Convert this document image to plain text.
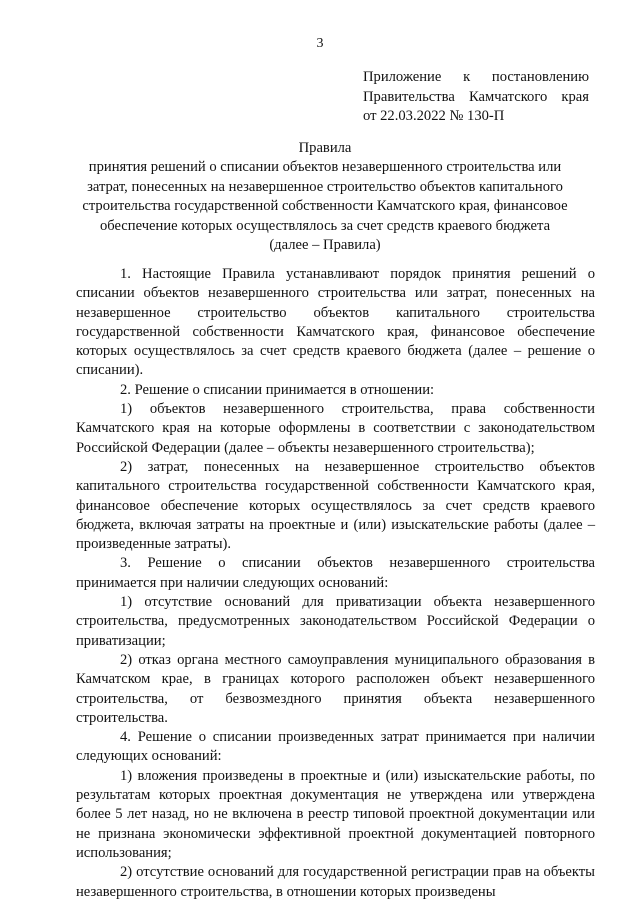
3
Приложение к постановлению
Правительства Камчатского края
от 22.03.2022 № 130-П
Правила
принятия решений о списании объектов незавершенного строительства или
затрат, понесенных на незавершенное строительство объектов капитального
строительства государственной собственности Камчатского края, финансовое
обеспечение которых осуществлялось за счет средств краевого бюджета
(далее – Правила)

1. Настоящие Правила устанавливают порядок принятия решений о списании объектов незавершенного строительства или затрат, понесенных на незавершенное строительство объектов капитального строительства государственной собственности Камчатского края, финансовое обеспечение которых осуществлялось за счет средств краевого бюджета (далее – решение о списании).

2. Решение о списании принимается в отношении:

1) объектов незавершенного строительства, права собственности Камчатского края на которые оформлены в соответствии с законодательством Российской Федерации (далее – объекты незавершенного строительства);

2) затрат, понесенных на незавершенное строительство объектов капитального строительства государственной собственности Камчатского края, финансовое обеспечение которых осуществлялось за счет средств краевого бюджета, включая затраты на проектные и (или) изыскательские работы (далее – произведенные затраты).

3. Решение о списании объектов незавершенного строительства принимается при наличии следующих оснований:

1) отсутствие оснований для приватизации объекта незавершенного строительства, предусмотренных законодательством Российской Федерации о приватизации;

2) отказ органа местного самоуправления муниципального образования в Камчатском крае, в границах которого расположен объект незавершенного строительства, от безвозмездного принятия объекта незавершенного строительства.

4. Решение о списании произведенных затрат принимается при наличии следующих оснований:

1) вложения произведены в проектные и (или) изыскательские работы, по результатам которых проектная документация не утверждена или утверждена более 5 лет назад, но не включена в реестр типовой проектной документации или не признана экономически эффективной проектной документацией повторного использования;

2) отсутствие оснований для государственной регистрации прав на объекты незавершенного строительства, в отношении которых произведены
